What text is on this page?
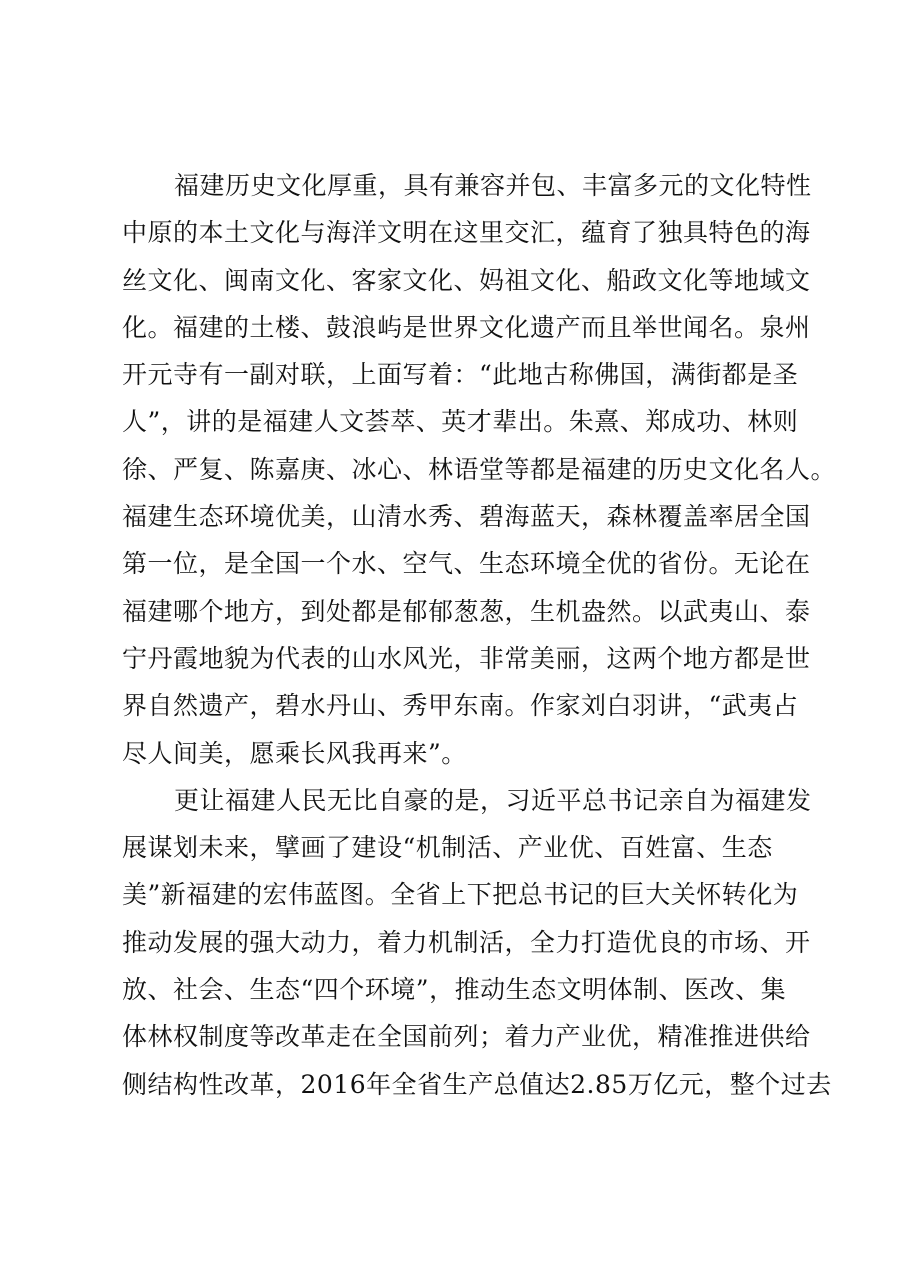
福建历史文化厚重，具有兼容并包、丰富多元的文化特性
中原的本土文化与海洋文明在这里交汇，蕴育了独具特色的海
丝文化、闽南文化、客家文化、妈祖文化、船政文化等地域文
化。福建的土楼、鼓浪屿是世界文化遗产而且举世闻名。泉州
开元寺有一副对联，上面写着：“此地古称佛国，满街都是圣
人”，讲的是福建人文荟萃、英才辈出。朱熹、郑成功、林则
徐、严复、陈嘉庚、冰心、林语堂等都是福建的历史文化名人。
福建生态环境优美，山清水秀、碧海蓝天，森林覆盖率居全国
第一位，是全国一个水、空气、生态环境全优的省份。无论在
福建哪个地方，到处都是郁郁葱葱，生机盎然。以武夷山、泰
宁丹霞地貌为代表的山水风光，非常美丽，这两个地方都是世
界自然遗产，碧水丹山、秀甲东南。作家刘白羽讲，“武夷占
尽人间美，愿乘长风我再来”。
更让福建人民无比自豪的是，习近平总书记亲自为福建发
展谋划未来，擘画了建设“机制活、产业优、百姓富、生态
美”新福建的宏伟蓝图。全省上下把总书记的巨大关怀转化为
推动发展的强大动力，着力机制活，全力打造优良的市场、开
放、社会、生态“四个环境”，推动生态文明体制、医改、集
体林权制度等改革走在全国前列；着力产业优，精准推进供给
侧结构性改革，2016年全省生产总值达2.85万亿元，整个过去
